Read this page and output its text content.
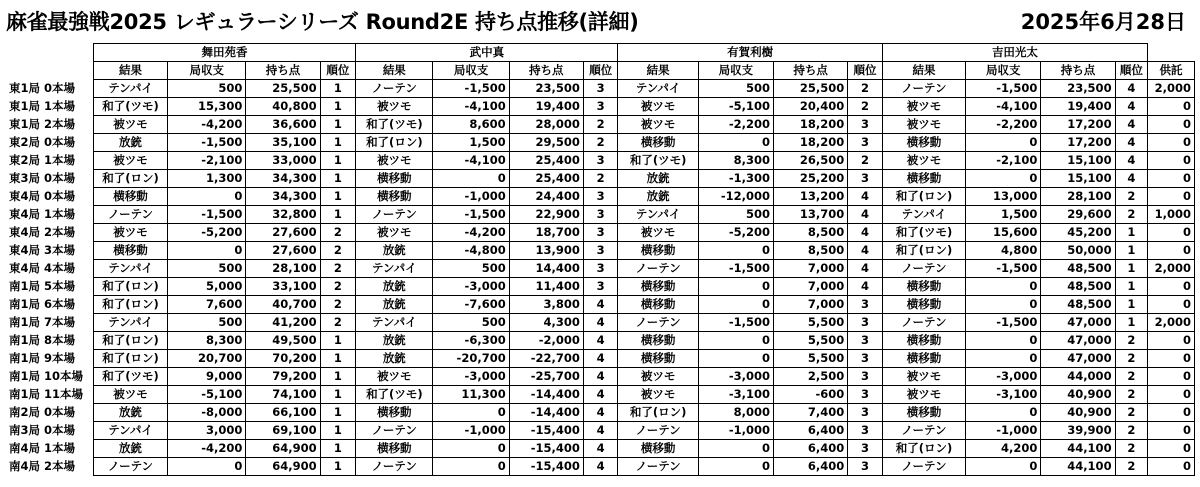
麻雀最強戦2025 レギュラーシリーズ Round2E 持ち点推移(詳細)	2025年6月28日
	舞田苑香				武中真				有賀利樹				吉田光太				
	結果	局収支	持ち点	順位	結果	局収支	持ち点	順位	結果	局収支	持ち点	順位	結果	局収支	持ち点	順位	供託
東1局 0本場	テンパイ	500	25,500	1	ノーテン	-1,500	23,500	3	テンパイ	500	25,500	2	ノーテン	-1,500	23,500	4	2,000
東1局 1本場	和了(ツモ)	15,300	40,800	1	被ツモ	-4,100	19,400	3	被ツモ	-5,100	20,400	2	被ツモ	-4,100	19,400	4	0
東1局 2本場	被ツモ	-4,200	36,600	1	和了(ツモ)	8,600	28,000	2	被ツモ	-2,200	18,200	3	被ツモ	-2,200	17,200	4	0
東2局 0本場	放銃	-1,500	35,100	1	和了(ロン)	1,500	29,500	2	横移動	0	18,200	3	横移動	0	17,200	4	0
東2局 1本場	被ツモ	-2,100	33,000	1	被ツモ	-4,100	25,400	3	和了(ツモ)	8,300	26,500	2	被ツモ	-2,100	15,100	4	0
東3局 0本場	和了(ロン)	1,300	34,300	1	横移動	0	25,400	2	放銃	-1,300	25,200	3	横移動	0	15,100	4	0
東4局 0本場	横移動	0	34,300	1	横移動	-1,000	24,400	3	放銃	-12,000	13,200	4	和了(ロン)	13,000	28,100	2	0
東4局 1本場	ノーテン	-1,500	32,800	1	ノーテン	-1,500	22,900	3	テンパイ	500	13,700	4	テンパイ	1,500	29,600	2	1,000
東4局 2本場	被ツモ	-5,200	27,600	2	被ツモ	-4,200	18,700	3	被ツモ	-5,200	8,500	4	和了(ツモ)	15,600	45,200	1	0
東4局 3本場	横移動	0	27,600	2	放銃	-4,800	13,900	3	横移動	0	8,500	4	和了(ロン)	4,800	50,000	1	0
東4局 4本場	テンパイ	500	28,100	2	テンパイ	500	14,400	3	ノーテン	-1,500	7,000	4	ノーテン	-1,500	48,500	1	2,000
南1局 5本場	和了(ロン)	5,000	33,100	2	放銃	-3,000	11,400	3	横移動	0	7,000	4	横移動	0	48,500	1	0
南1局 6本場	和了(ロン)	7,600	40,700	2	放銃	-7,600	3,800	4	横移動	0	7,000	3	横移動	0	48,500	1	0
南1局 7本場	テンパイ	500	41,200	2	テンパイ	500	4,300	4	ノーテン	-1,500	5,500	3	ノーテン	-1,500	47,000	1	2,000
南1局 8本場	和了(ロン)	8,300	49,500	1	放銃	-6,300	-2,000	4	横移動	0	5,500	3	横移動	0	47,000	2	0
南1局 9本場	和了(ロン)	20,700	70,200	1	放銃	-20,700	-22,700	4	横移動	0	5,500	3	横移動	0	47,000	2	0
南1局 10本場	和了(ツモ)	9,000	79,200	1	被ツモ	-3,000	-25,700	4	被ツモ	-3,000	2,500	3	被ツモ	-3,000	44,000	2	0
南1局 11本場	被ツモ	-5,100	74,100	1	和了(ツモ)	11,300	-14,400	4	被ツモ	-3,100	-600	3	被ツモ	-3,100	40,900	2	0
南2局 0本場	放銃	-8,000	66,100	1	横移動	0	-14,400	4	和了(ロン)	8,000	7,400	3	横移動	0	40,900	2	0
南3局 0本場	テンパイ	3,000	69,100	1	ノーテン	-1,000	-15,400	4	ノーテン	-1,000	6,400	3	ノーテン	-1,000	39,900	2	0
南4局 1本場	放銃	-4,200	64,900	1	横移動	0	-15,400	4	横移動	0	6,400	3	和了(ロン)	4,200	44,100	2	0
南4局 2本場	ノーテン	0	64,900	1	ノーテン	0	-15,400	4	ノーテン	0	6,400	3	ノーテン	0	44,100	2	0
